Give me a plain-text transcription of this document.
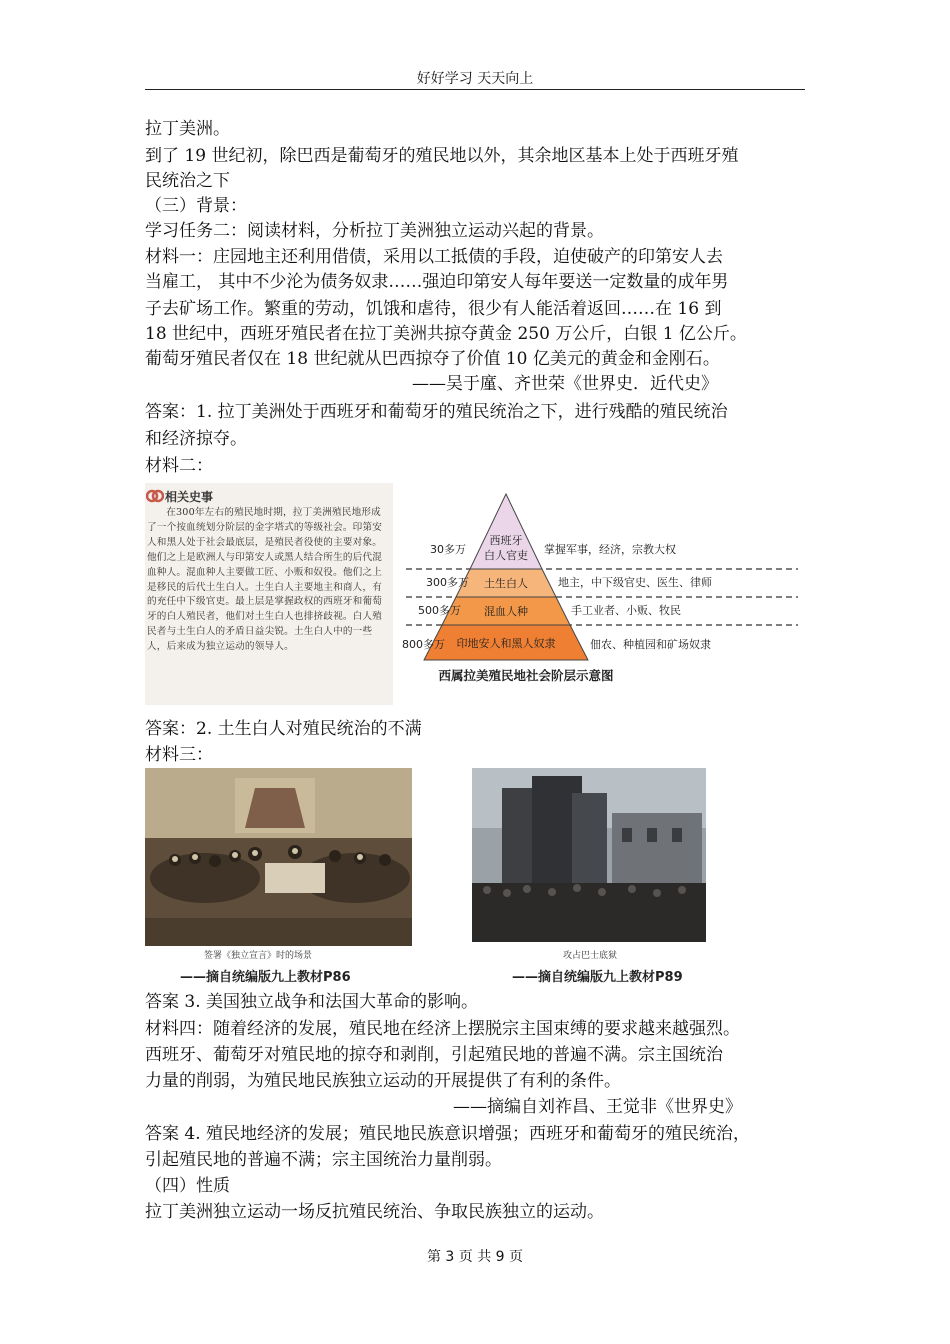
好好学习 天天向上
拉丁美洲。
到了 19 世纪初，除巴西是葡萄牙的殖民地以外，其余地区基本上处于西班牙殖
民统治之下
（三）背景：
学习任务二：阅读材料，分析拉丁美洲独立运动兴起的背景。
材料一：庄园地主还利用借债，采用以工抵债的手段，迫使破产的印第安人去
当雇工， 其中不少沦为债务奴隶……强迫印第安人每年要送一定数量的成年男
子去矿场工作。繁重的劳动，饥饿和虐待，很少有人能活着返回……在 16 到
18 世纪中，西班牙殖民者在拉丁美洲共掠夺黄金 250 万公斤，白银 1 亿公斤。
葡萄牙殖民者仅在 18 世纪就从巴西掠夺了价值 10 亿美元的黄金和金刚石。
——吴于廑、齐世荣《世界史．近代史》
答案：1. 拉丁美洲处于西班牙和葡萄牙的殖民统治之下，进行残酷的殖民统治
和经济掠夺。
材料二：
相关史事

在300年左右的殖民地时期，拉丁美洲殖民地形成了一个按血统划分阶层的金字塔式的等级社会。印第安人和黑人处于社会最底层，是殖民者役使的主要对象。他们之上是欧洲人与印第安人或黑人结合所生的后代混血种人。混血种人主要做工匠、小贩和奴役。他们之上是移民的后代土生白人。土生白人主要地主和商人，有的充任中下级官吏。最上层是掌握政权的西班牙和葡萄牙的白人殖民者，他们对土生白人也排挤歧视。白人殖民者与土生白人的矛盾日益尖锐。土生白人中的一些人，后来成为独立运动的领导人。

西班牙
白人官吏
土生白人
混血人种
印地安人和黑人奴隶
30多万
300多万
500多万
800多万
掌握军事，经济，宗教大权
地主，中下级官史、医生、律师
手工业者、小贩、牧民
佃农、种植园和矿场奴隶
西属拉美殖民地社会阶层示意图
答案：2. 土生白人对殖民统治的不满
材料三：
签署《独立宣言》时的场景
——摘自统编版九上教材P86
攻占巴士底狱
——摘自统编版九上教材P89
答案 3. 美国独立战争和法国大革命的影响。
材料四：随着经济的发展，殖民地在经济上摆脱宗主国束缚的要求越来越强烈。
西班牙、葡萄牙对殖民地的掠夺和剥削，引起殖民地的普遍不满。宗主国统治
力量的削弱，为殖民地民族独立运动的开展提供了有利的条件。
——摘编自刘祚昌、王觉非《世界史》
答案 4. 殖民地经济的发展；殖民地民族意识增强；西班牙和葡萄牙的殖民统治，
引起殖民地的普遍不满；宗主国统治力量削弱。
（四）性质
拉丁美洲独立运动一场反抗殖民统治、争取民族独立的运动。
第 3 页 共 9 页
